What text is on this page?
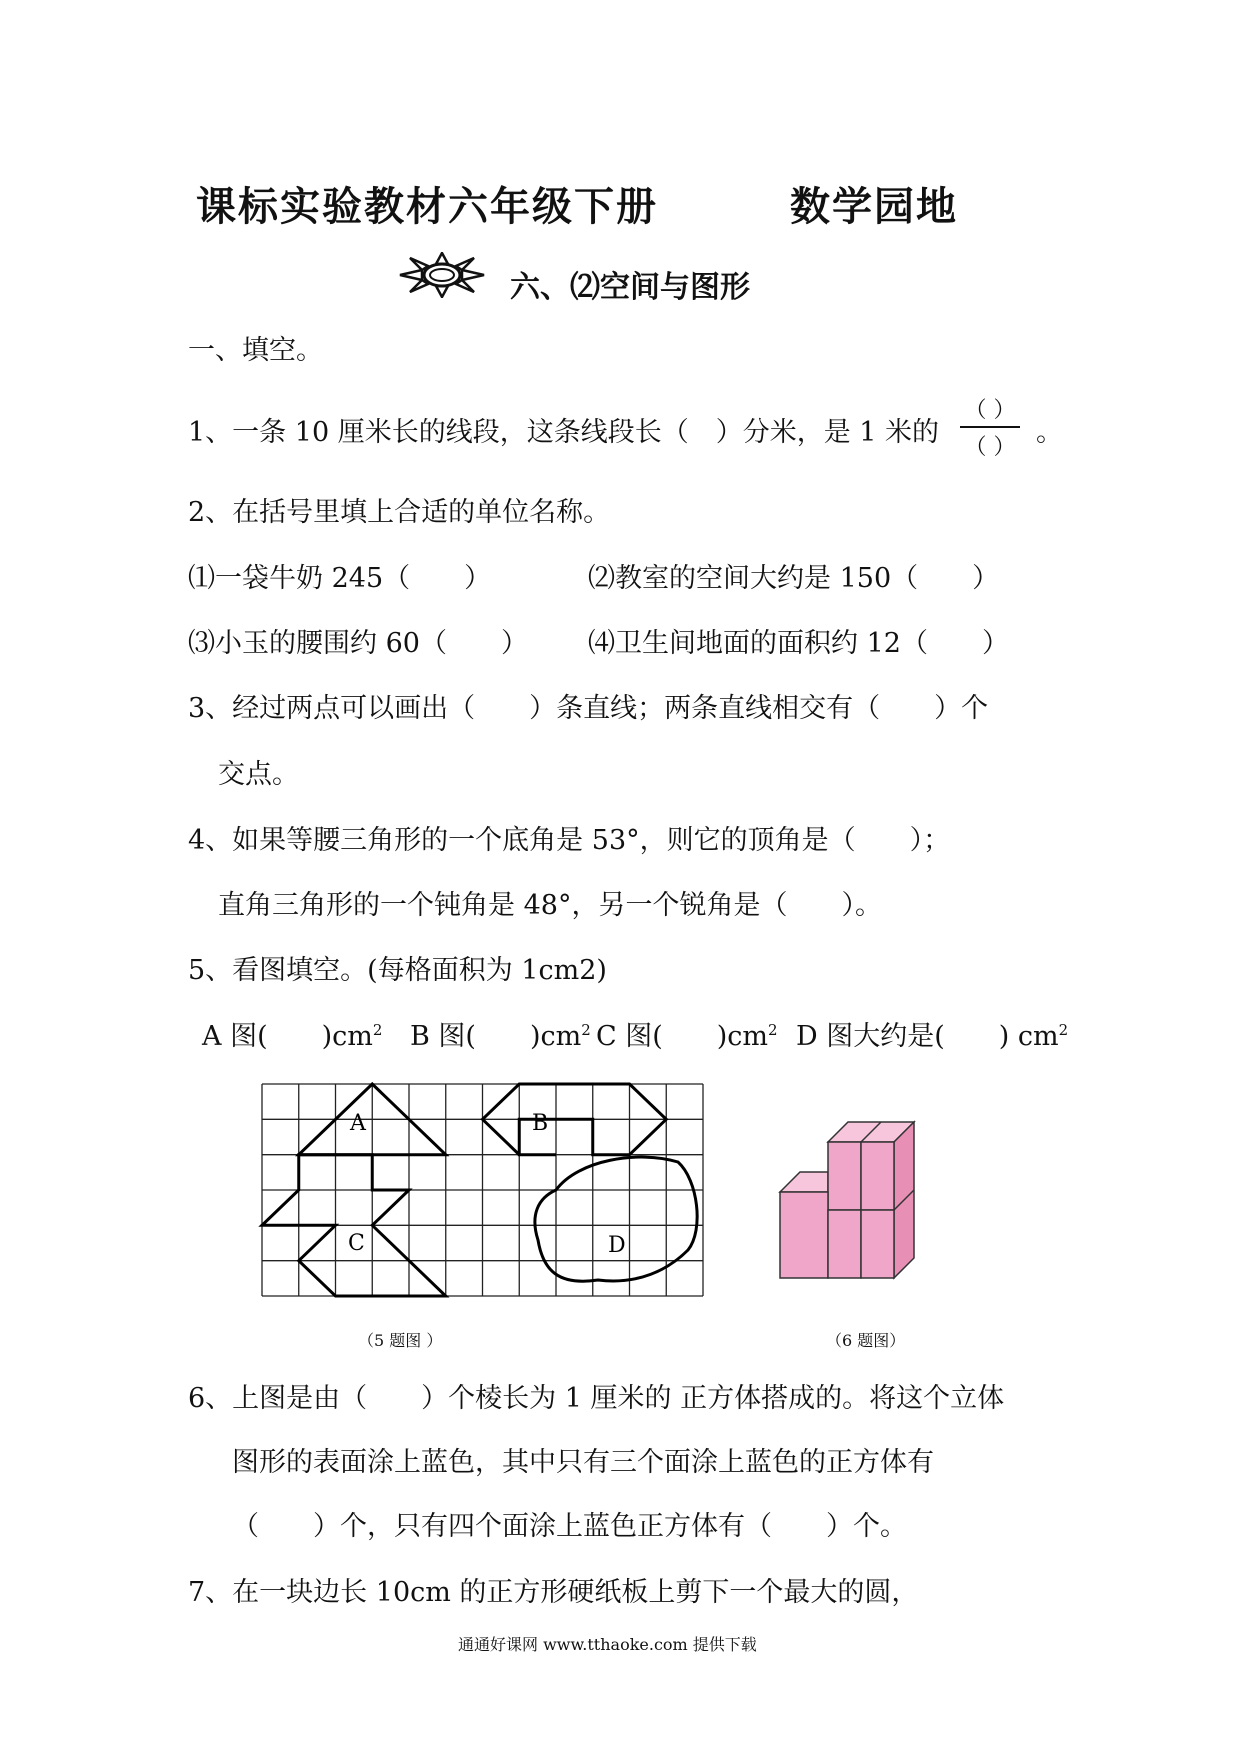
课标实验教材六年级下册	数学园地
六、⑵空间与图形
一、填空。
1、一条 10 厘米长的线段，这条线段长（　）分米，是 1 米的
（ ）
（ ） 。
2、在括号里填上合适的单位名称。
⑴一袋牛奶 245（　　）	⑵教室的空间大约是 150（　　）
⑶小玉的腰围约 60（　　） ⑷卫生间地面的面积约 12（　　）
3、经过两点可以画出（　　）条直线；两条直线相交有（　　）个
交点。
4、如果等腰三角形的一个底角是 53°，则它的顶角是（　　）；
直角三角形的一个钝角是 48°，另一个锐角是（　　）。
5、看图填空。(每格面积为 1cm2)
A 图(　　)$cm^2$ B 图(　　)$cm^2$ C 图(　　)$cm^2$ D 图大约是(　　) $cm^2$
A	B
C	D
（5 题图 ）	（6 题图）
6、上图是由（　　）个棱长为 1 厘米的 正方体搭成的。将这个立体
图形的表面涂上蓝色，其中只有三个面涂上蓝色的正方体有
（　　）个，只有四个面涂上蓝色正方体有（　　）个。
7、在一块边长 10cm 的正方形硬纸板上剪下一个最大的圆，
通通好课网 www.tthaoke.com 提供下载
